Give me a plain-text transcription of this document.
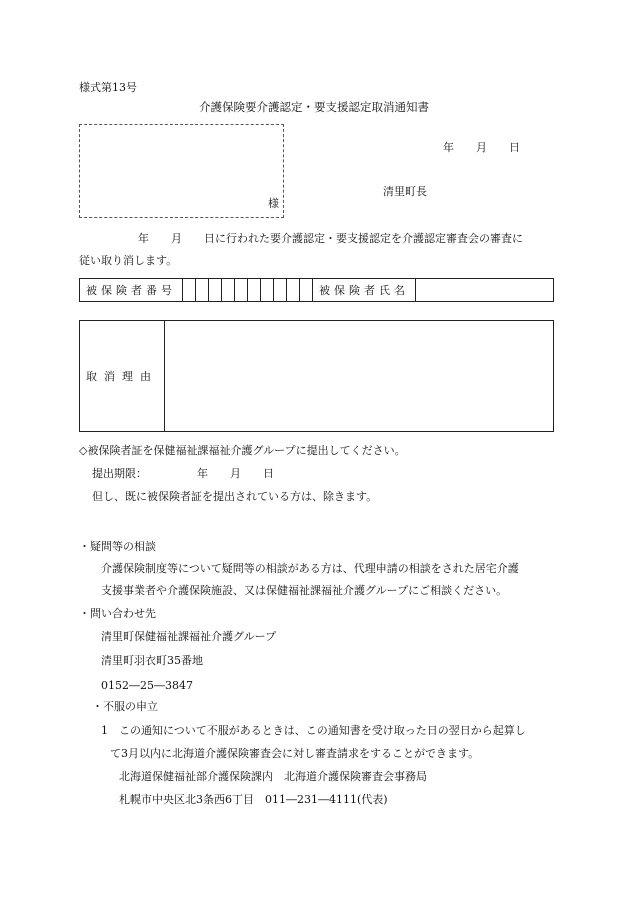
様式第13号
介護保険要介護認定・要支援認定取消通知書
様
年　　月　　日
清里町長
年　　月　　日に行われた要介護認定・要支援認定を介護認定審査会の審査に
従い取り消します。
被保険者番号	被保険者氏名
取消理由
◇被保険者証を保健福祉課福祉介護グループに提出してください。
提出期限：	年　　月　　日
但し、既に被保険者証を提出されている方は、除きます。
・疑問等の相談
介護保険制度等について疑問等の相談がある方は、代理申請の相談をされた居宅介護
支援事業者や介護保険施設、又は保健福祉課福祉介護グループにご相談ください。
・問い合わせ先
清里町保健福祉課福祉介護グループ
清里町羽衣町35番地
0152―25―3847
・不服の申立
1　この通知について不服があるときは、この通知書を受け取った日の翌日から起算し
て3月以内に北海道介護保険審査会に対し審査請求をすることができます。
北海道保健福祉部介護保険課内　北海道介護保険審査会事務局
札幌市中央区北3条西6丁目　011―231―4111(代表)
